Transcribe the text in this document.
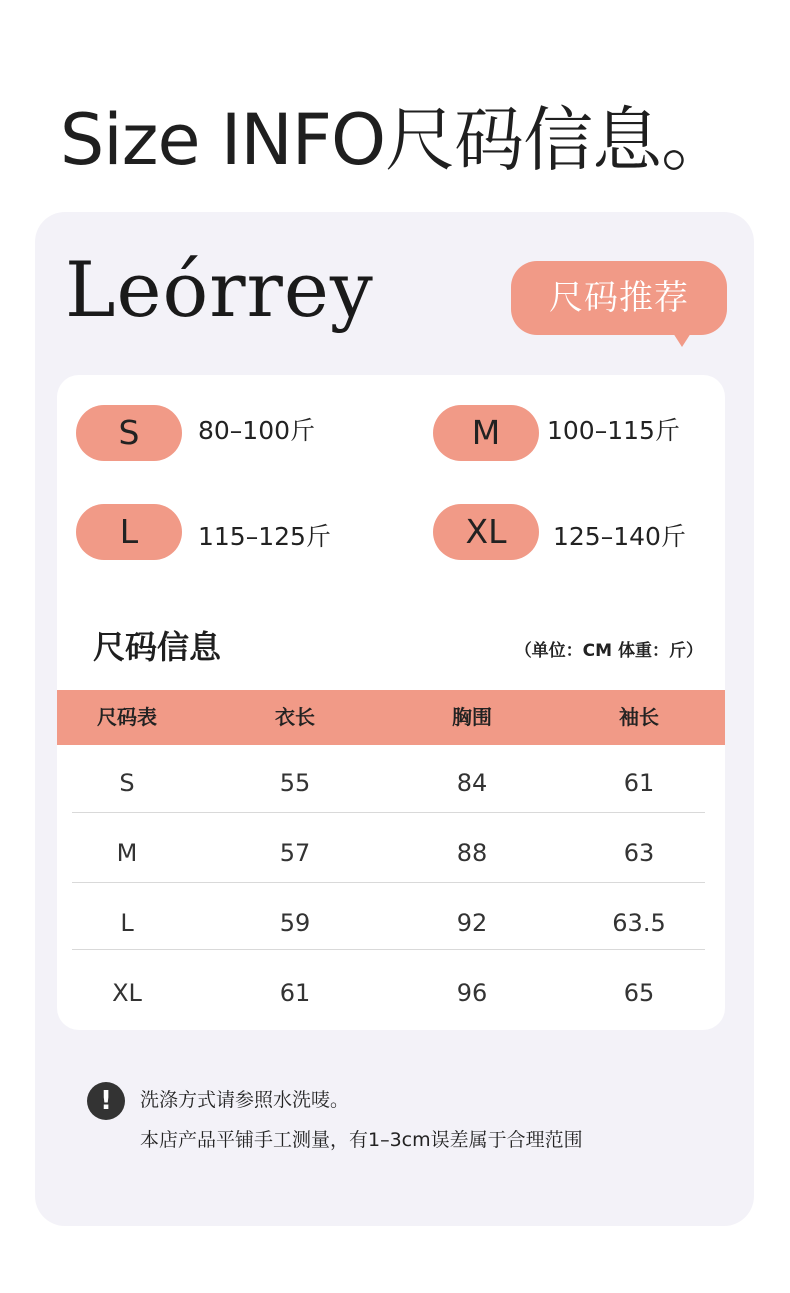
Size INFO尺码信息。
Leórrey	尺码推荐
S	80–100斤	M	100–115斤
L	115–125斤	XL	125–140斤
尺码信息	（单位：CM 体重：斤）
尺码表	衣长	胸围	袖长
S	55	84	61
M	57	88	63
L	59	92	63.5
XL	61	96	65
!	洗涤方式请参照水洗唛。
本店产品平铺手工测量，有1–3cm误差属于合理范围
